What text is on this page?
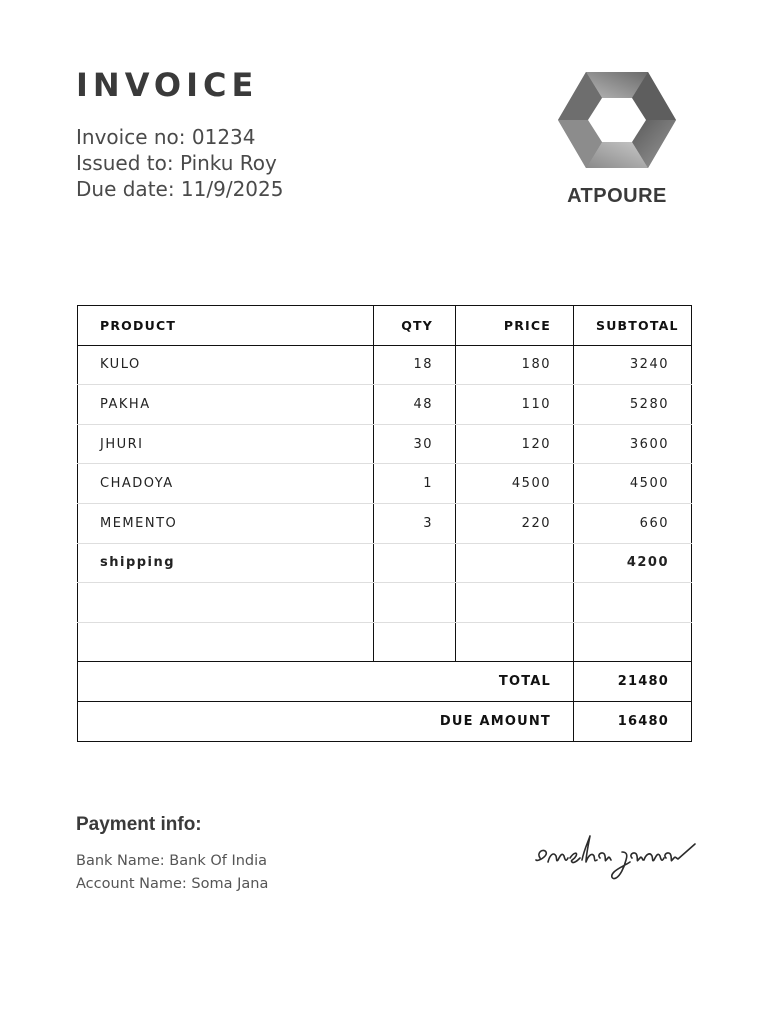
INVOICE
Invoice no: 01234
Issued to: Pinku Roy
Due date: 11/9/2025	ATPOURE
PRODUCT	QTY	PRICE	SUBTOTAL
KULO	18	180	3240
PAKHA	48	110	5280
JHURI	30	120	3600
CHADOYA	1	4500	4500
MEMENTO	3	220	660
shipping			4200

TOTAL			21480
DUE AMOUNT			16480
Payment info:
Bank Name: Bank Of India
Account Name: Soma Jana
